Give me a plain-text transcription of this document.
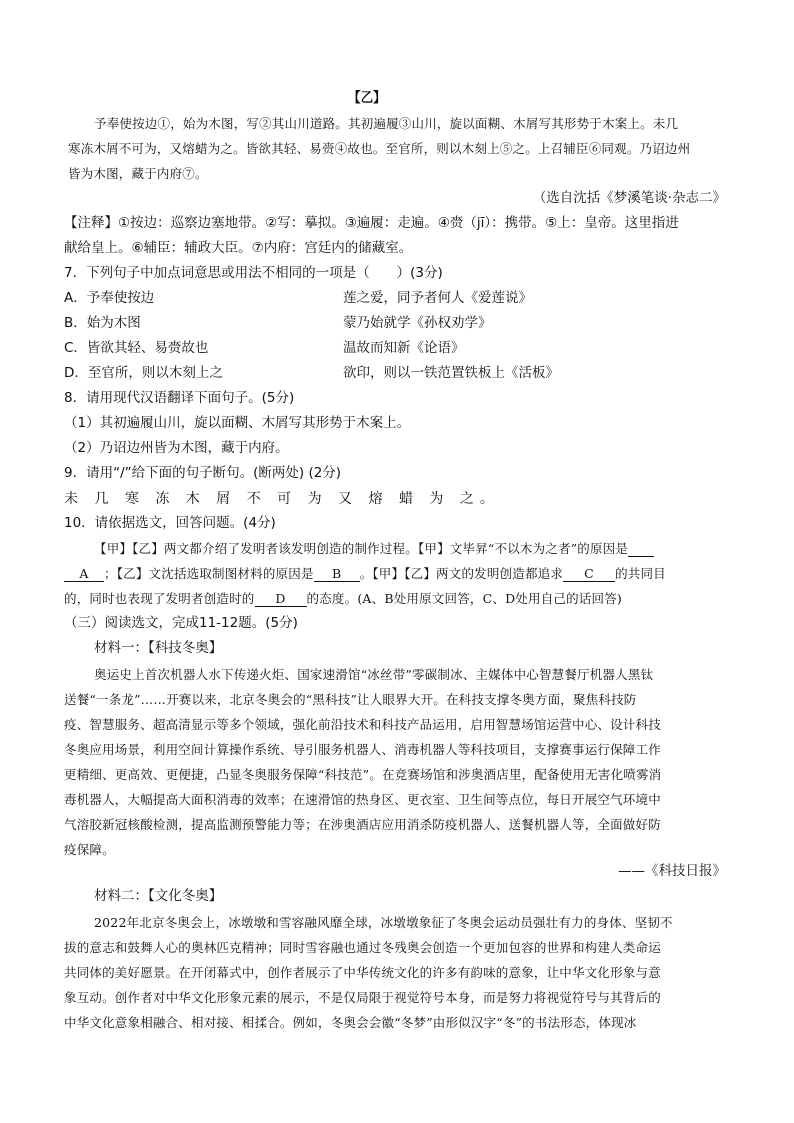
【乙】
予奉使按边①，始为木图，写②其山川道路。其初遍履③山川，旋以面糊、木屑写其形势于木案上。未几
寒冻木屑不可为，又熔蜡为之。皆欲其轻、易赍④故也。至官所，则以木刻上⑤之。上召辅臣⑥同观。乃诏边州
皆为木图，藏于内府⑦。
（选自沈括《梦溪笔谈·杂志二》
【注释】①按边：巡察边塞地带。②写：摹拟。③遍履：走遍。④赍（jī）：携带。⑤上：皇帝。这里指进
献给皇上。⑥辅臣：辅政大臣。⑦内府：宫廷内的储藏室。
7．下列句子中加点词意思或用法不相同的一项是（　　）(3分)
A．予奉使按边	莲之爱，同予者何人《爱莲说》
B．始为木图	蒙乃始就学《孙权劝学》
C．皆欲其轻、易赍故也	温故而知新《论语》
D．至官所，则以木刻上之	欲印，则以一铁范置铁板上《活板》
8．请用现代汉语翻译下面句子。(5分)
（1）其初遍履山川，旋以面糊、木屑写其形势于木案上。
（2）乃诏边州皆为木图，藏于内府。
9．请用“/”给下面的句子断句。(断两处) (2分)
未 几 寒 冻 木 屑 不 可 为 又 熔 蜡 为 之。
10．请依据选文，回答问题。(4分)
【甲】【乙】两文都介绍了发明者该发明创造的制作过程。【甲】文毕昇“不以木为之者”的原因是
A ；【乙】文沈括选取制图材料的原因是 B 。【甲】【乙】两文的发明创造都追求 C 的共同目
的，同时也表现了发明者创造时的 D 的态度。(A、B处用原文回答，C、D处用自己的话回答)
（三）阅读选文，完成11-12题。(5分)
材料一：【科技冬奥】
奥运史上首次机器人水下传递火炬、国家速滑馆“冰丝带”零碳制冰、主媒体中心智慧餐厅机器人黑钛
送餐“一条龙”……开赛以来，北京冬奥会的“黑科技”让人眼界大开。在科技支撑冬奥方面，聚焦科技防
疫、智慧服务、超高清显示等多个领域，强化前沿技术和科技产品运用，启用智慧场馆运营中心、设计科技
冬奥应用场景，利用空间计算操作系统、导引服务机器人、消毒机器人等科技项目，支撑赛事运行保障工作
更精细、更高效、更便捷，凸显冬奥服务保障“科技范”。在竞赛场馆和涉奥酒店里，配备使用无害化喷雾消
毒机器人，大幅提高大面积消毒的效率；在速滑馆的热身区、更衣室、卫生间等点位，每日开展空气环境中
气溶胶新冠核酸检测，提高监测预警能力等；在涉奥酒店应用消杀防疫机器人、送餐机器人等，全面做好防
疫保障。
——《科技日报》
材料二：【文化冬奥】
2022年北京冬奥会上，冰墩墩和雪容融风靡全球，冰墩墩象征了冬奥会运动员强壮有力的身体、坚韧不
拔的意志和鼓舞人心的奥林匹克精神；同时雪容融也通过冬残奥会创造一个更加包容的世界和构建人类命运
共同体的美好愿景。在开闭幕式中，创作者展示了中华传统文化的许多有韵味的意象，让中华文化形象与意
象互动。创作者对中华文化形象元素的展示，不是仅局限于视觉符号本身，而是努力将视觉符号与其背后的
中华文化意象相融合、相对接、相揉合。例如，冬奥会会徽“冬梦”由形似汉字“冬”的书法形态，体现冰
